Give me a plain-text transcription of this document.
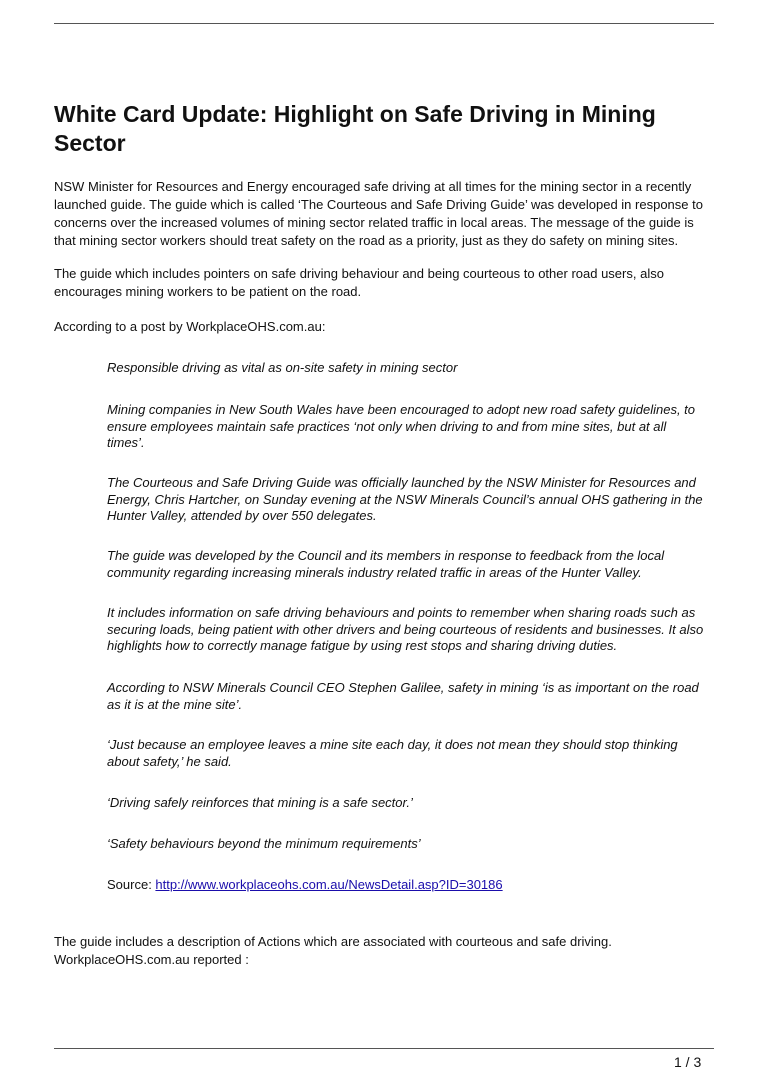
White Card Update: Highlight on Safe Driving in Mining Sector

NSW Minister for Resources and Energy encouraged safe driving at all times for the mining sector in a recently launched guide. The guide which is called ‘The Courteous and Safe Driving Guide’ was developed in response to concerns over the increased volumes of mining sector related traffic in local areas. The message of the guide is that mining sector workers should treat safety on the road as a priority, just as they do safety on mining sites.

The guide which includes pointers on safe driving behaviour and being courteous to other road users, also encourages mining workers to be patient on the road.

According to a post by WorkplaceOHS.com.au:

Responsible driving as vital as on-site safety in mining sector

Mining companies in New South Wales have been encouraged to adopt new road safety guidelines, to ensure employees maintain safe practices ‘not only when driving to and from mine sites, but at all times’.

The Courteous and Safe Driving Guide was officially launched by the NSW Minister for Resources and Energy, Chris Hartcher, on Sunday evening at the NSW Minerals Council’s annual OHS gathering in the Hunter Valley, attended by over 550 delegates.

The guide was developed by the Council and its members in response to feedback from the local community regarding increasing minerals industry related traffic in areas of the Hunter Valley.

It includes information on safe driving behaviours and points to remember when sharing roads such as securing loads, being patient with other drivers and being courteous of residents and businesses. It also highlights how to correctly manage fatigue by using rest stops and sharing driving duties.

According to NSW Minerals Council CEO Stephen Galilee, safety in mining ‘is as important on the road as it is at the mine site’.

‘Just because an employee leaves a mine site each day, it does not mean they should stop thinking about safety,’ he said.

‘Driving safely reinforces that mining is a safe sector.’

‘Safety behaviours beyond the minimum requirements’

Source: http://www.workplaceohs.com.au/NewsDetail.asp?ID=30186

The guide includes a description of Actions which are associated with courteous and safe driving. WorkplaceOHS.com.au reported :

1 / 3
